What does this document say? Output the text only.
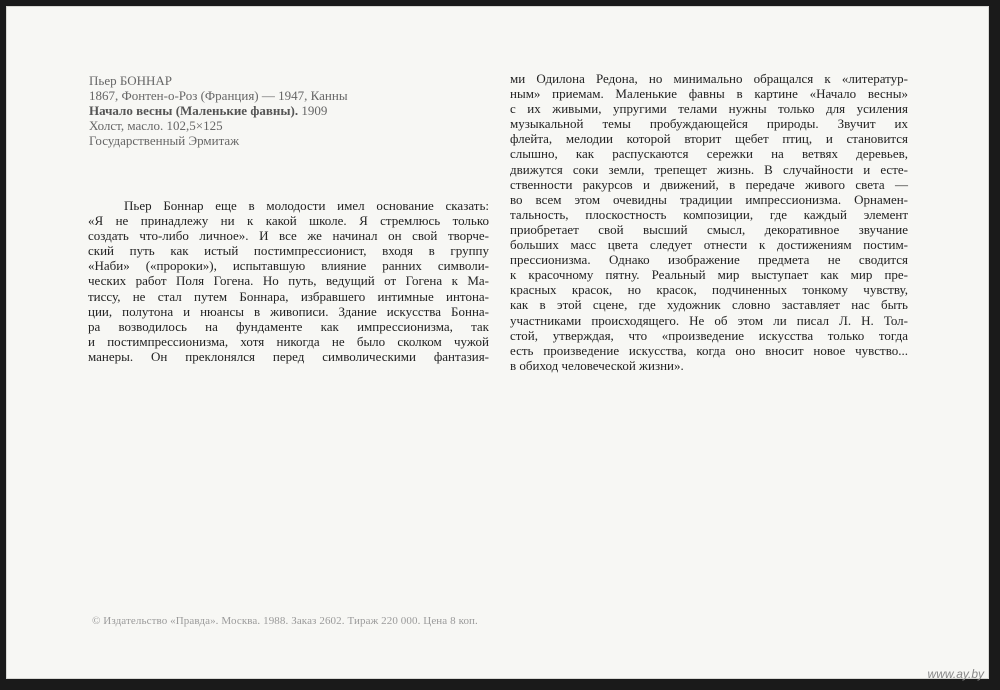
Пьер БОННАР
1867, Фонтен-о-Роз (Франция) — 1947, Канны
Начало весны (Маленькие фавны). 1909
Холст, масло. 102,5×125
Государственный Эрмитаж
Пьер Боннар еще в молодости имел основание сказать:
«Я не принадлежу ни к какой школе. Я стремлюсь только
создать что-либо личное». И все же начинал он свой творче-
ский путь как истый постимпрессионист, входя в группу
«Наби» («пророки»), испытавшую влияние ранних символи-
ческих работ Поля Гогена. Но путь, ведущий от Гогена к Ма-
тиссу, не стал путем Боннара, избравшего интимные интона-
ции, полутона и нюансы в живописи. Здание искусства Бонна-
ра возводилось на фундаменте как импрессионизма, так
и постимпрессионизма, хотя никогда не было сколком чужой
манеры. Он преклонялся перед символическими фантазия-
ми Одилона Редона, но минимально обращался к «литератур-
ным» приемам. Маленькие фавны в картине «Начало весны»
с их живыми, упругими телами нужны только для усиления
музыкальной темы пробуждающейся природы. Звучит их
флейта, мелодии которой вторит щебет птиц, и становится
слышно, как распускаются сережки на ветвях деревьев,
движутся соки земли, трепещет жизнь. В случайности и есте-
ственности ракурсов и движений, в передаче живого света —
во всем этом очевидны традиции импрессионизма. Орнамен-
тальность, плоскостность композиции, где каждый элемент
приобретает свой высший смысл, декоративное звучание
больших масс цвета следует отнести к достижениям постим-
прессионизма. Однако изображение предмета не сводится
к красочному пятну. Реальный мир выступает как мир пре-
красных красок, но красок, подчиненных тонкому чувству,
как в этой сцене, где художник словно заставляет нас быть
участниками происходящего. Не об этом ли писал Л. Н. Тол-
стой, утверждая, что «произведение искусства только тогда
есть произведение искусства, когда оно вносит новое чувство...
в обиход человеческой жизни».
© Издательство «Правда». Москва. 1988. Заказ 2602. Тираж 220 000. Цена 8 коп.
www.ay.by
